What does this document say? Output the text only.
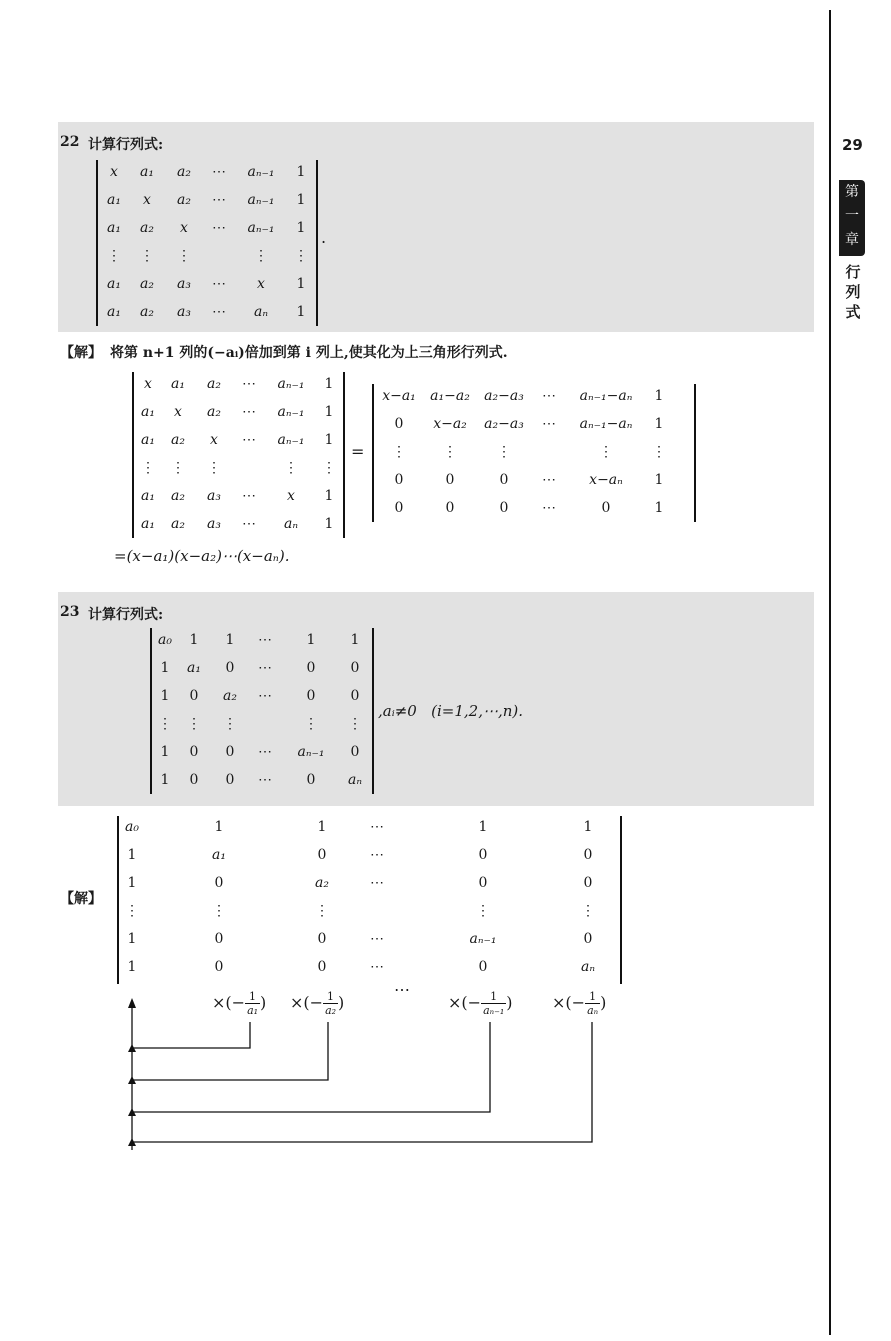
29
第
一
章
行
列
式
22 计算行列式:
x	a₁	a₂	⋯	aₙ₋₁	1
a₁	x	a₂	⋯	aₙ₋₁	1
a₁	a₂	x	⋯	aₙ₋₁	1
⋮	⋮	⋮		⋮	⋮
a₁	a₂	a₃	⋯	x	1
a₁	a₂	a₃	⋯	aₙ	1
.
【解】 将第 n+1 列的(−aᵢ)倍加到第 i 列上,使其化为上三角形行列式.
x	a₁	a₂	⋯	aₙ₋₁	1
a₁	x	a₂	⋯	aₙ₋₁	1
a₁	a₂	x	⋯	aₙ₋₁	1
⋮	⋮	⋮		⋮	⋮
a₁	a₂	a₃	⋯	x	1
a₁	a₂	a₃	⋯	aₙ	1
=
x−a₁	a₁−a₂	a₂−a₃	⋯	aₙ₋₁−aₙ	1
0	x−a₂	a₂−a₃	⋯	aₙ₋₁−aₙ	1
⋮	⋮	⋮		⋮	⋮
0	0	0	⋯	x−aₙ	1
0	0	0	⋯	0	1
=(x−a₁)(x−a₂)⋯(x−aₙ).
23 计算行列式:
a₀	1	1	⋯	1	1
1	a₁	0	⋯	0	0
1	0	a₂	⋯	0	0
⋮	⋮	⋮		⋮	⋮
1	0	0	⋯	aₙ₋₁	0
1	0	0	⋯	0	aₙ
,aᵢ≠0   (i=1,2,⋯,n).
【解】
a₀	1	1	⋯	1	1
1	a₁	0	⋯	0	0
1	0	a₂	⋯	0	0
⋮	⋮	⋮		⋮	⋮
1	0	0	⋯	aₙ₋₁	0
1	0	0	⋯	0	aₙ
×(− $\frac{1}{\text{a₁}}$ ) ×(− $\frac{1}{\text{a₂}}$ )
⋯
×(− $\frac{1}{\text{aₙ₋₁}}$ ) ×(− $\frac{1}{\text{aₙ}}$ )
